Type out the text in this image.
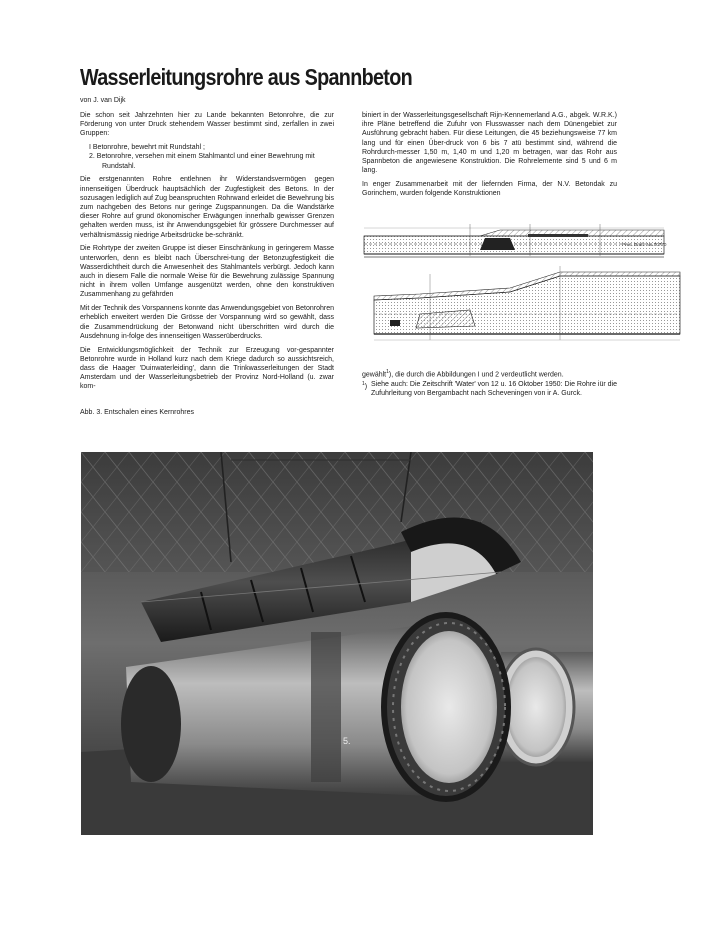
Wasserleitungsrohre aus Spannbeton
von J. van Dijk

Die schon seit Jahrzehnten hier zu Lande bekannten Betonrohre, die zur Förderung von unter Druck stehendem Wasser bestimmt sind, zerfallen in zwei Gruppen:

I Betonrohre, bewehrt mit Rundstahl ;
2. Betonrohre, versehen mit einem Stahlmantcl und einer Bewehrung mit Rundstahl.

Die erstgenannten Rohre entlehnen ihr Widerstandsvermögen gegen innenseitigen Überdruck hauptsächlich der Zugfestigkeit des Betons. In der sozusagen lediglich auf Zug beanspruchten Rohrwand erleidet die Bewehrung bis zum nachgeben des Betons nur geringe Zugspannungen. Da die Wandstärke dieser Rohre auf grund ökonomischer Erwägungen innerhalb gewisser Grenzen gehalten werden muss, ist ihr Anwendungsgebiet für grössere Durchmesser auf verhältnismässig niedrige Arbeitsdrücke be-schränkt.

Die Rohrtype der zweiten Gruppe ist dieser Einschränkung in geringerem Masse unterworfen, denn es bleibt nach Überschrei-tung der Betonzugfestigkeit die Wasserdichtheit durch die Anwesenheit des Stahlmantels verbürgt. Jedoch kann auch in diesem Falle die normale Weise für die Bewehrung zulässige Spannung nicht in ihrem vollen Umfange ausgenützt werden, ohne den konstruktiven Zusammenhang zu gefährden

Mit der Technik des Vorspannens konnte das Anwendungsgebiet von Betonrohren erheblich erweitert werden Die Grösse der Vorspannung wird so gewählt, dass die Zusammendrückung der Betonwand nicht überschritten wird durch die Ausdehnung in-folge des innenseitigen Wasserüberdrucks.

Die Entwicklungsmöglichkeit der Technik zur Erzeugung vor-gespannter Betonrohre wurde in Holland kurz nach dem Kriege dadurch so aussichtsreich, dass die Haager 'Duinwaterleiding', dann die Trinkwasserleitungen der Stadt Amsterdam und der Wasserleitungsbetrieb der Provinz Nord-Holland (u. zwar kom-

biniert in der Wasserleitungsgesellschaft Rijn-Kennemerland A.G., abgek. W.R.K.) ihre Pläne betreffend die Zufuhr von Flusswasser nach dem Dünengebiet zur Ausführung gebracht haben. Für diese Leitungen, die 45 beziehungsweise 77 km lang und für einen Über-druck von 6 bis 7 atü bestimmt sind, während die Rohrdurch-messer 1,50 m, 1,40 m und 1,20 m betragen, war das Rohr aus Spannbeton die angewiesene Konstruktion. Die Rohrelemente sind 5 und 6 m lang.

In enger Zusammenarbeit mit der liefernden Firma, der N.V. Betondak zu Gorinchem, wurden folgende Konstruktionen

Prec. Draft. No.70770
gewählt$^1$), die durch die Abbildungen I und 2 verdeutlicht werden.
$^1$) Siehe auch: Die Zeitschrift 'Water' von 12 u. 16 Oktober 1950: Die Rohre iür die Zufuhrleitung von Bergambacht nach Scheveningen von ir A. Gurck.
Abb. 3. Entschalen eines Kernrohres
5.
